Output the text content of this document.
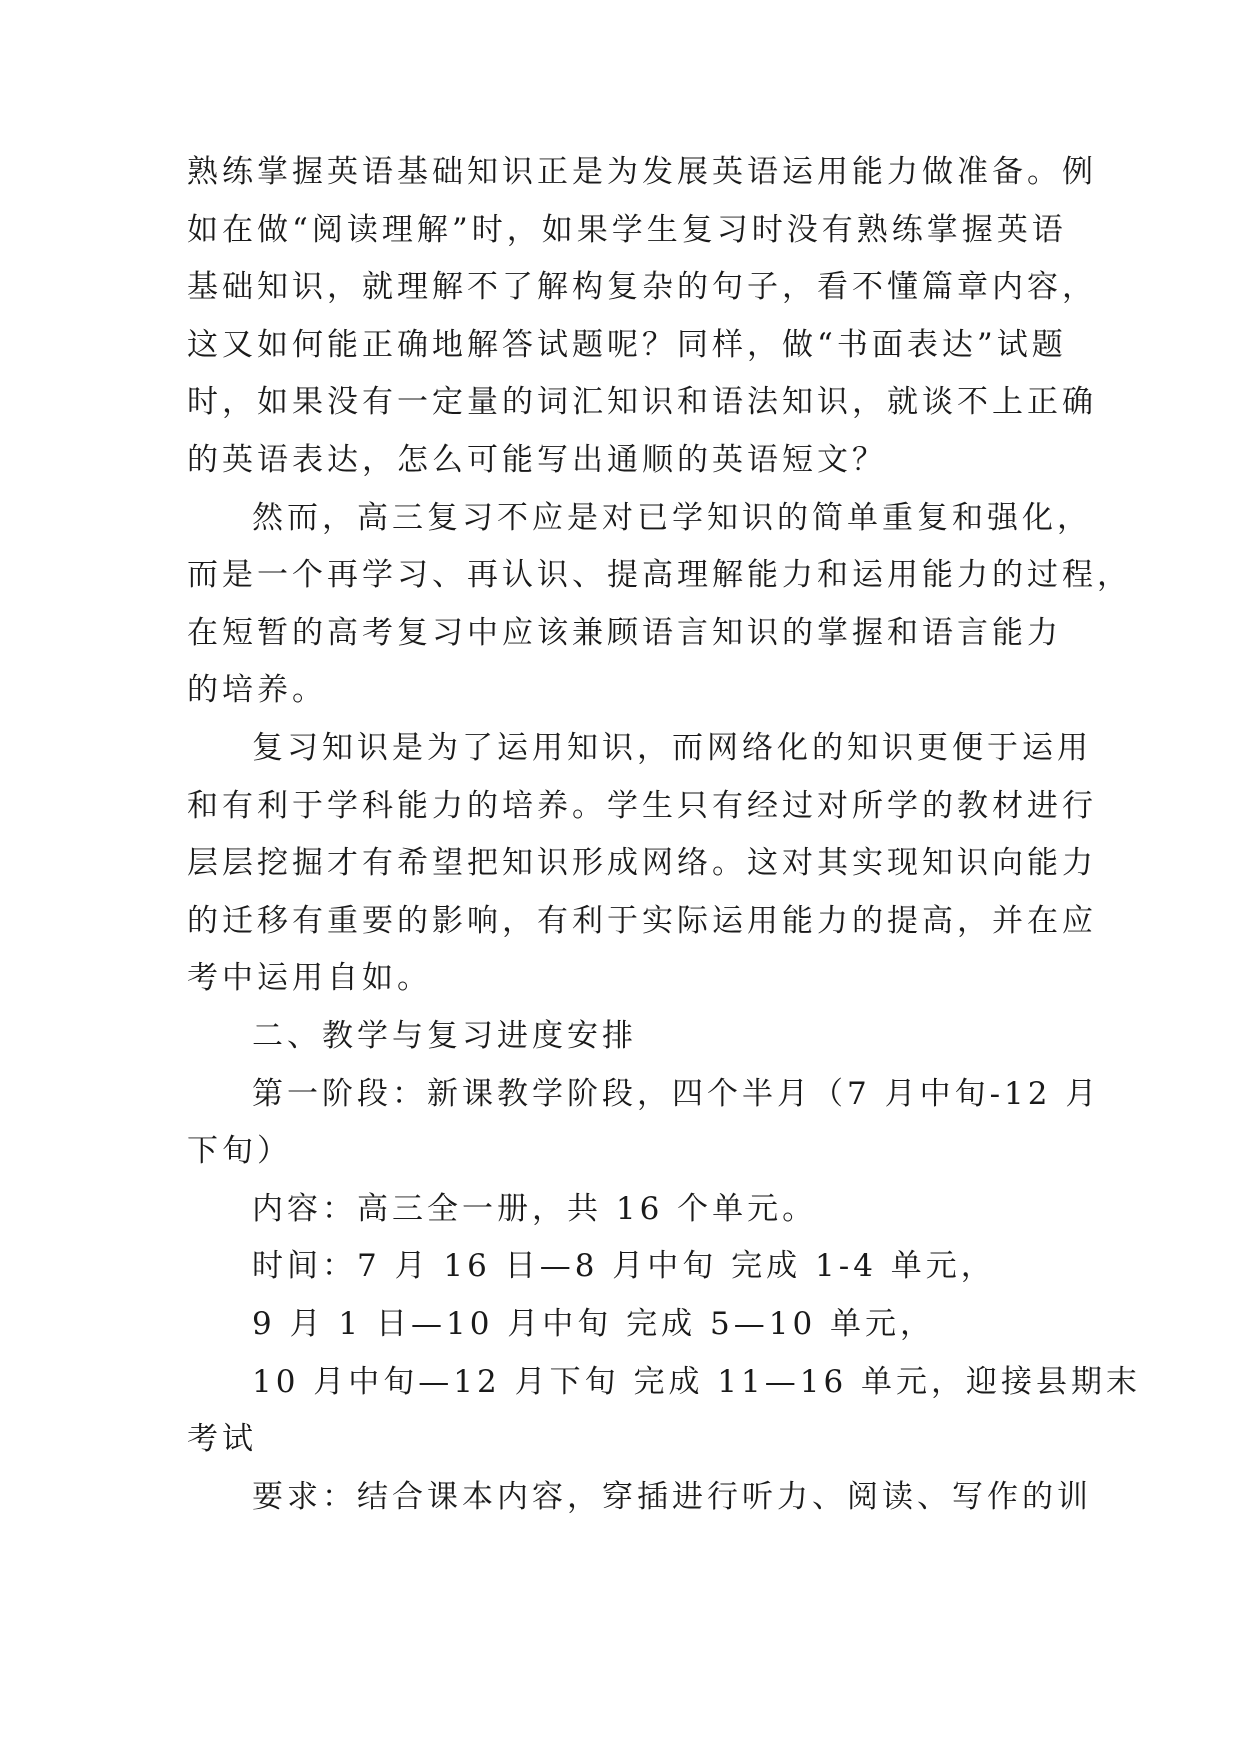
熟练掌握英语基础知识正是为发展英语运用能力做准备。例
如在做“阅读理解”时，如果学生复习时没有熟练掌握英语
基础知识，就理解不了解构复杂的句子，看不懂篇章内容，
这又如何能正确地解答试题呢？同样，做“书面表达”试题
时，如果没有一定量的词汇知识和语法知识，就谈不上正确
的英语表达，怎么可能写出通顺的英语短文？
然而，高三复习不应是对已学知识的简单重复和强化，
而是一个再学习、再认识、提高理解能力和运用能力的过程，
在短暂的高考复习中应该兼顾语言知识的掌握和语言能力
的培养。
复习知识是为了运用知识，而网络化的知识更便于运用
和有利于学科能力的培养。学生只有经过对所学的教材进行
层层挖掘才有希望把知识形成网络。这对其实现知识向能力
的迁移有重要的影响，有利于实际运用能力的提高，并在应
考中运用自如。
二、教学与复习进度安排
第一阶段：新课教学阶段，四个半月（7 月中旬-12 月
下旬）
内容：高三全一册，共 16 个单元。
时间：7 月 16 日—8 月中旬 完成 1-4 单元，
9 月 1 日—10 月中旬 完成 5—10 单元，
10 月中旬—12 月下旬 完成 11—16 单元，迎接县期末
考试
要求：结合课本内容，穿插进行听力、阅读、写作的训
